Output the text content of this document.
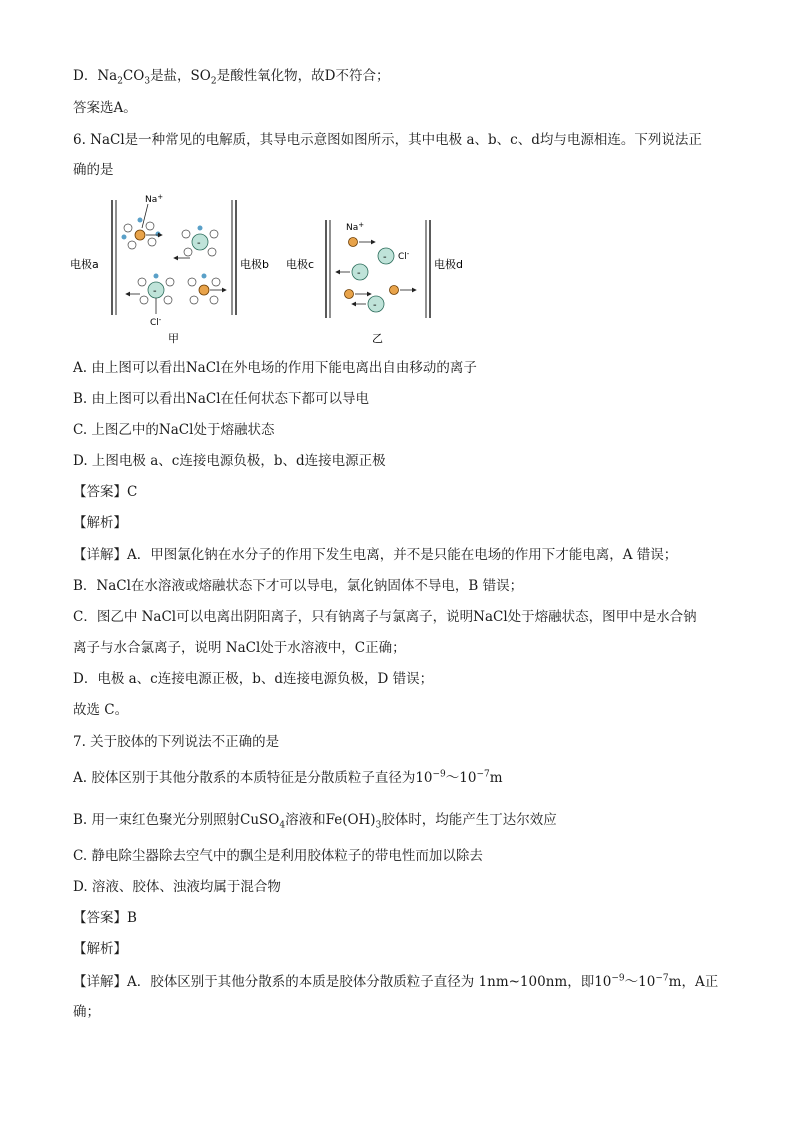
D．$Na_2CO_3$是盐，$SO_2$是酸性氧化物，故D不符合；
答案选A。
6. NaCl是一种常见的电解质，其导电示意图如图所示，其中电极 a、b、c、d均与电源相连。下列说法正
确的是
电极a	电极b
Na+
-
-
Cl-
甲
电极c	电极d
Na+
- Cl-
-
-
乙
A. 由上图可以看出NaCl在外电场的作用下能电离出自由移动的离子
B. 由上图可以看出NaCl在任何状态下都可以导电
C. 上图乙中的NaCl处于熔融状态
D. 上图电极 a、c连接电源负极，b、d连接电源正极
【答案】C
【解析】
【详解】A．甲图氯化钠在水分子的作用下发生电离，并不是只能在电场的作用下才能电离，A 错误；
B．NaCl在水溶液或熔融状态下才可以导电，氯化钠固体不导电，B 错误；
C．图乙中 NaCl可以电离出阴阳离子，只有钠离子与氯离子，说明NaCl处于熔融状态，图甲中是水合钠
离子与水合氯离子，说明 NaCl处于水溶液中，C正确；
D．电极 a、c连接电源正极，b、d连接电源负极，D 错误；
故选 C。
7. 关于胶体的下列说法不正确的是
A. 胶体区别于其他分散系的本质特征是分散质粒子直径为$10^{-9}\sim 10^{-7}m$
B. 用一束红色聚光分别照射CuSO$_4$溶液和$Fe(OH)_3$胶体时，均能产生丁达尔效应
C. 静电除尘器除去空气中的飘尘是利用胶体粒子的带电性而加以除去
D. 溶液、胶体、浊液均属于混合物
【答案】B
【解析】
【详解】A．胶体区别于其他分散系的本质是胶体分散质粒子直径为 1nm~100nm，即$10^{-9}\sim 10^{-7}m$，A正
确；
